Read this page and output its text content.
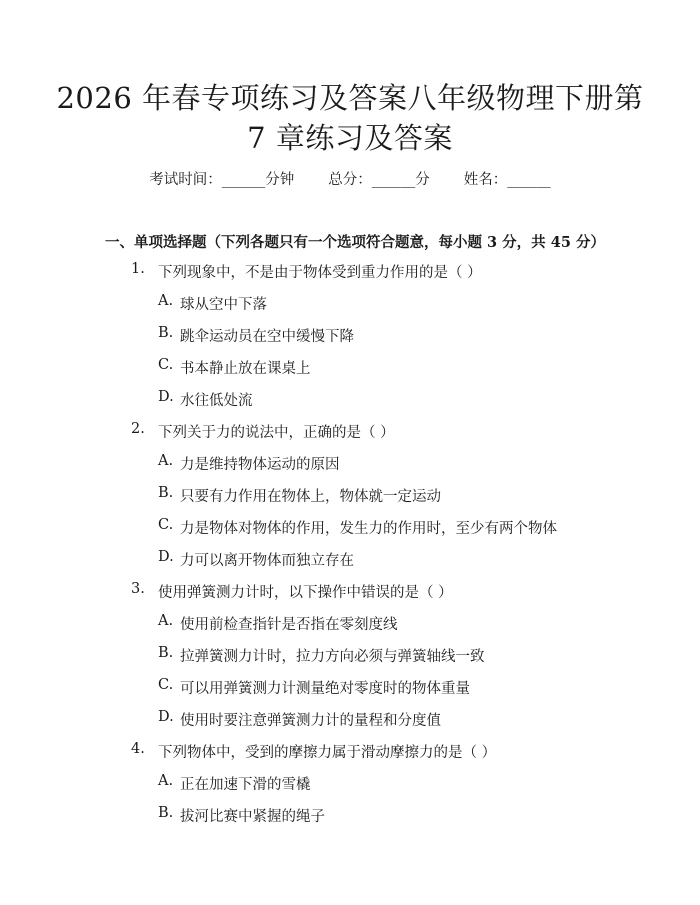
2026 年春专项练习及答案八年级物理下册第
7 章练习及答案
考试时间：______分钟 总分：______分 姓名：______
一、单项选择题（下列各题只有一个选项符合题意，每小题 3 分，共 45 分）
1. 下列现象中，不是由于物体受到重力作用的是（ ）
A. 球从空中下落
B. 跳伞运动员在空中缓慢下降
C. 书本静止放在课桌上
D. 水往低处流
2. 下列关于力的说法中，正确的是（ ）
A. 力是维持物体运动的原因
B. 只要有力作用在物体上，物体就一定运动
C. 力是物体对物体的作用，发生力的作用时，至少有两个物体
D. 力可以离开物体而独立存在
3. 使用弹簧测力计时，以下操作中错误的是（ ）
A. 使用前检查指针是否指在零刻度线
B. 拉弹簧测力计时，拉力方向必须与弹簧轴线一致
C. 可以用弹簧测力计测量绝对零度时的物体重量
D. 使用时要注意弹簧测力计的量程和分度值
4. 下列物体中，受到的摩擦力属于滑动摩擦力的是（ ）
A. 正在加速下滑的雪橇
B. 拔河比赛中紧握的绳子
